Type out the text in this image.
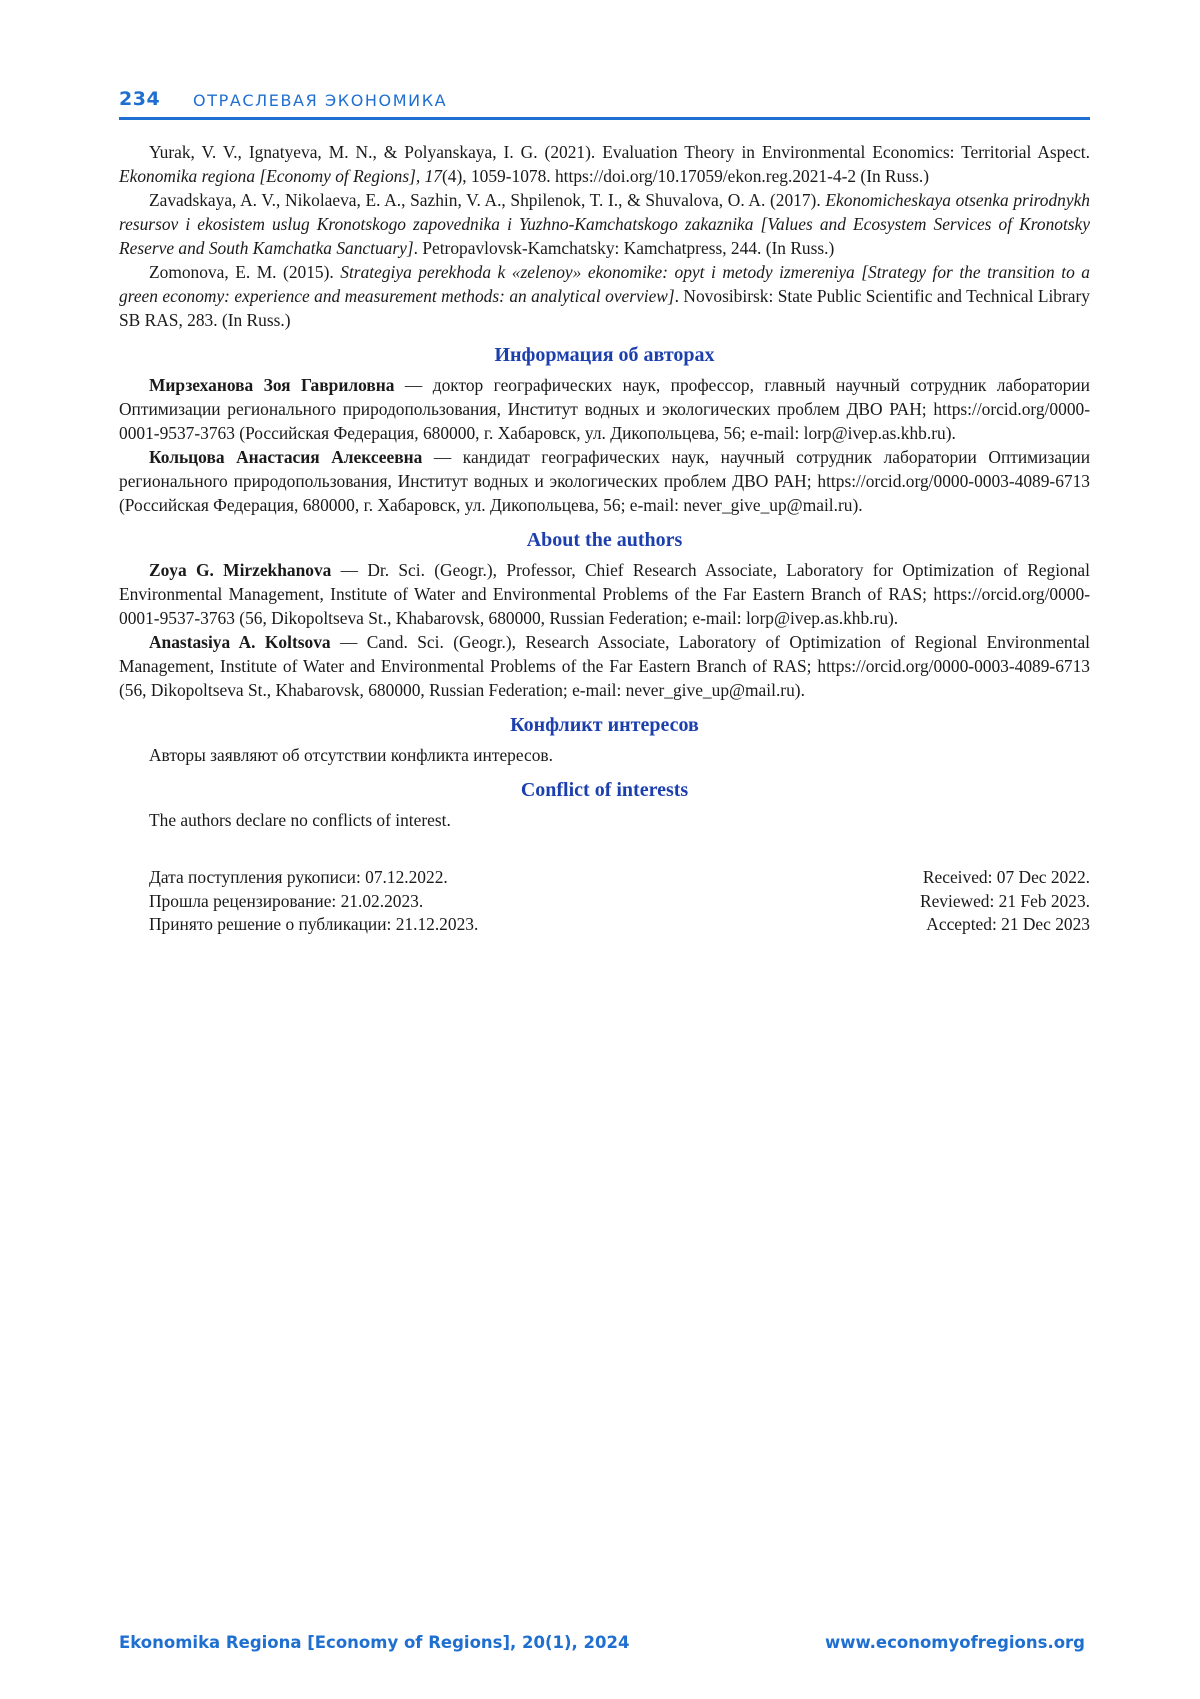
234 ОТРАСЛЕВАЯ ЭКОНОМИКА

Yurak, V. V., Ignatyeva, M. N., & Polyanskaya, I. G. (2021). Evaluation Theory in Environmental Economics: Territorial Aspect. Ekonomika regiona [Economy of Regions], 17(4), 1059-1078. https://doi.org/10.17059/ekon.reg.2021-4-2 (In Russ.)

Zavadskaya, A. V., Nikolaeva, E. A., Sazhin, V. A., Shpilenok, T. I., & Shuvalova, O. A. (2017). Ekonomicheskaya otsenka prirodnykh resursov i ekosistem uslug Kronotskogo zapovednika i Yuzhno-Kamchatskogo zakaznika [Values and Ecosystem Services of Kronotsky Reserve and South Kamchatka Sanctuary]. Petropavlovsk-Kamchatsky: Kamchatpress, 244. (In Russ.)

Zomonova, E. M. (2015). Strategiya perekhoda k «zelenoy» ekonomike: opyt i metody izmereniya [Strategy for the transition to a green economy: experience and measurement methods: an analytical overview]. Novosibirsk: State Public Scientific and Technical Library SB RAS, 283. (In Russ.)

Информация об авторах

Мирзеханова Зоя Гавриловна — доктор географических наук, профессор, главный научный сотрудник лаборатории Оптимизации регионального природопользования, Институт водных и экологических проблем ДВО РАН; https://orcid.org/0000-0001-9537-3763 (Российская Федерация, 680000, г. Хабаровск, ул. Дикопольцева, 56; e-mail: lorp@ivep.as.khb.ru).

Кольцова Анастасия Алексеевна — кандидат географических наук, научный сотрудник лаборатории Оптимизации регионального природопользования, Институт водных и экологических проблем ДВО РАН; https://orcid.org/0000-0003-4089-6713 (Российская Федерация, 680000, г. Хабаровск, ул. Дикопольцева, 56; e-mail: never_give_up@mail.ru).

About the authors

Zoya G. Mirzekhanova — Dr. Sci. (Geogr.), Professor, Chief Research Associate, Laboratory for Optimization of Regional Environmental Management, Institute of Water and Environmental Problems of the Far Eastern Branch of RAS; https://orcid.org/0000-0001-9537-3763 (56, Dikopoltseva St., Khabarovsk, 680000, Russian Federation; e-mail: lorp@ivep.as.khb.ru).

Anastasiya A. Koltsova — Cand. Sci. (Geogr.), Research Associate, Laboratory of Optimization of Regional Environmental Management, Institute of Water and Environmental Problems of the Far Eastern Branch of RAS; https://orcid.org/0000-0003-4089-6713 (56, Dikopoltseva St., Khabarovsk, 680000, Russian Federation; e-mail: never_give_up@mail.ru).

Конфликт интересов

Авторы заявляют об отсутствии конфликта интересов.

Conflict of interests

The authors declare no conflicts of interest.

Дата поступления рукописи: 07.12.2022.
Прошла рецензирование: 21.02.2023.
Принято решение о публикации: 21.12.2023.
Received: 07 Dec 2022.
Reviewed: 21 Feb 2023.
Accepted: 21 Dec 2023
Ekonomika Regiona [Economy of Regions], 20(1), 2024	www.economyofregions.org
